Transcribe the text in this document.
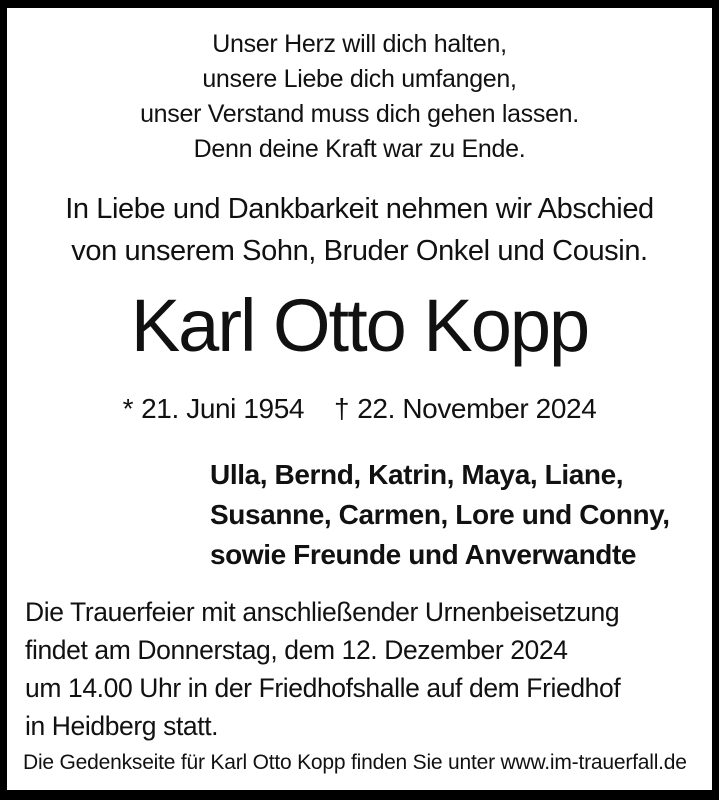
Unser Herz will dich halten,
unsere Liebe dich umfangen,
unser Verstand muss dich gehen lassen.
Denn deine Kraft war zu Ende.
In Liebe und Dankbarkeit nehmen wir Abschied
von unserem Sohn, Bruder Onkel und Cousin.
Karl Otto Kopp
* 21. Juni 1954 † 22. November 2024
Ulla, Bernd, Katrin, Maya, Liane,
Susanne, Carmen, Lore und Conny,
sowie Freunde und Anverwandte
Die Trauerfeier mit anschließender Urnenbeisetzung
findet am Donnerstag, dem 12. Dezember 2024
um 14.00 Uhr in der Friedhofshalle auf dem Friedhof
in Heidberg statt.
Die Gedenkseite für Karl Otto Kopp finden Sie unter www.im-trauerfall.de
